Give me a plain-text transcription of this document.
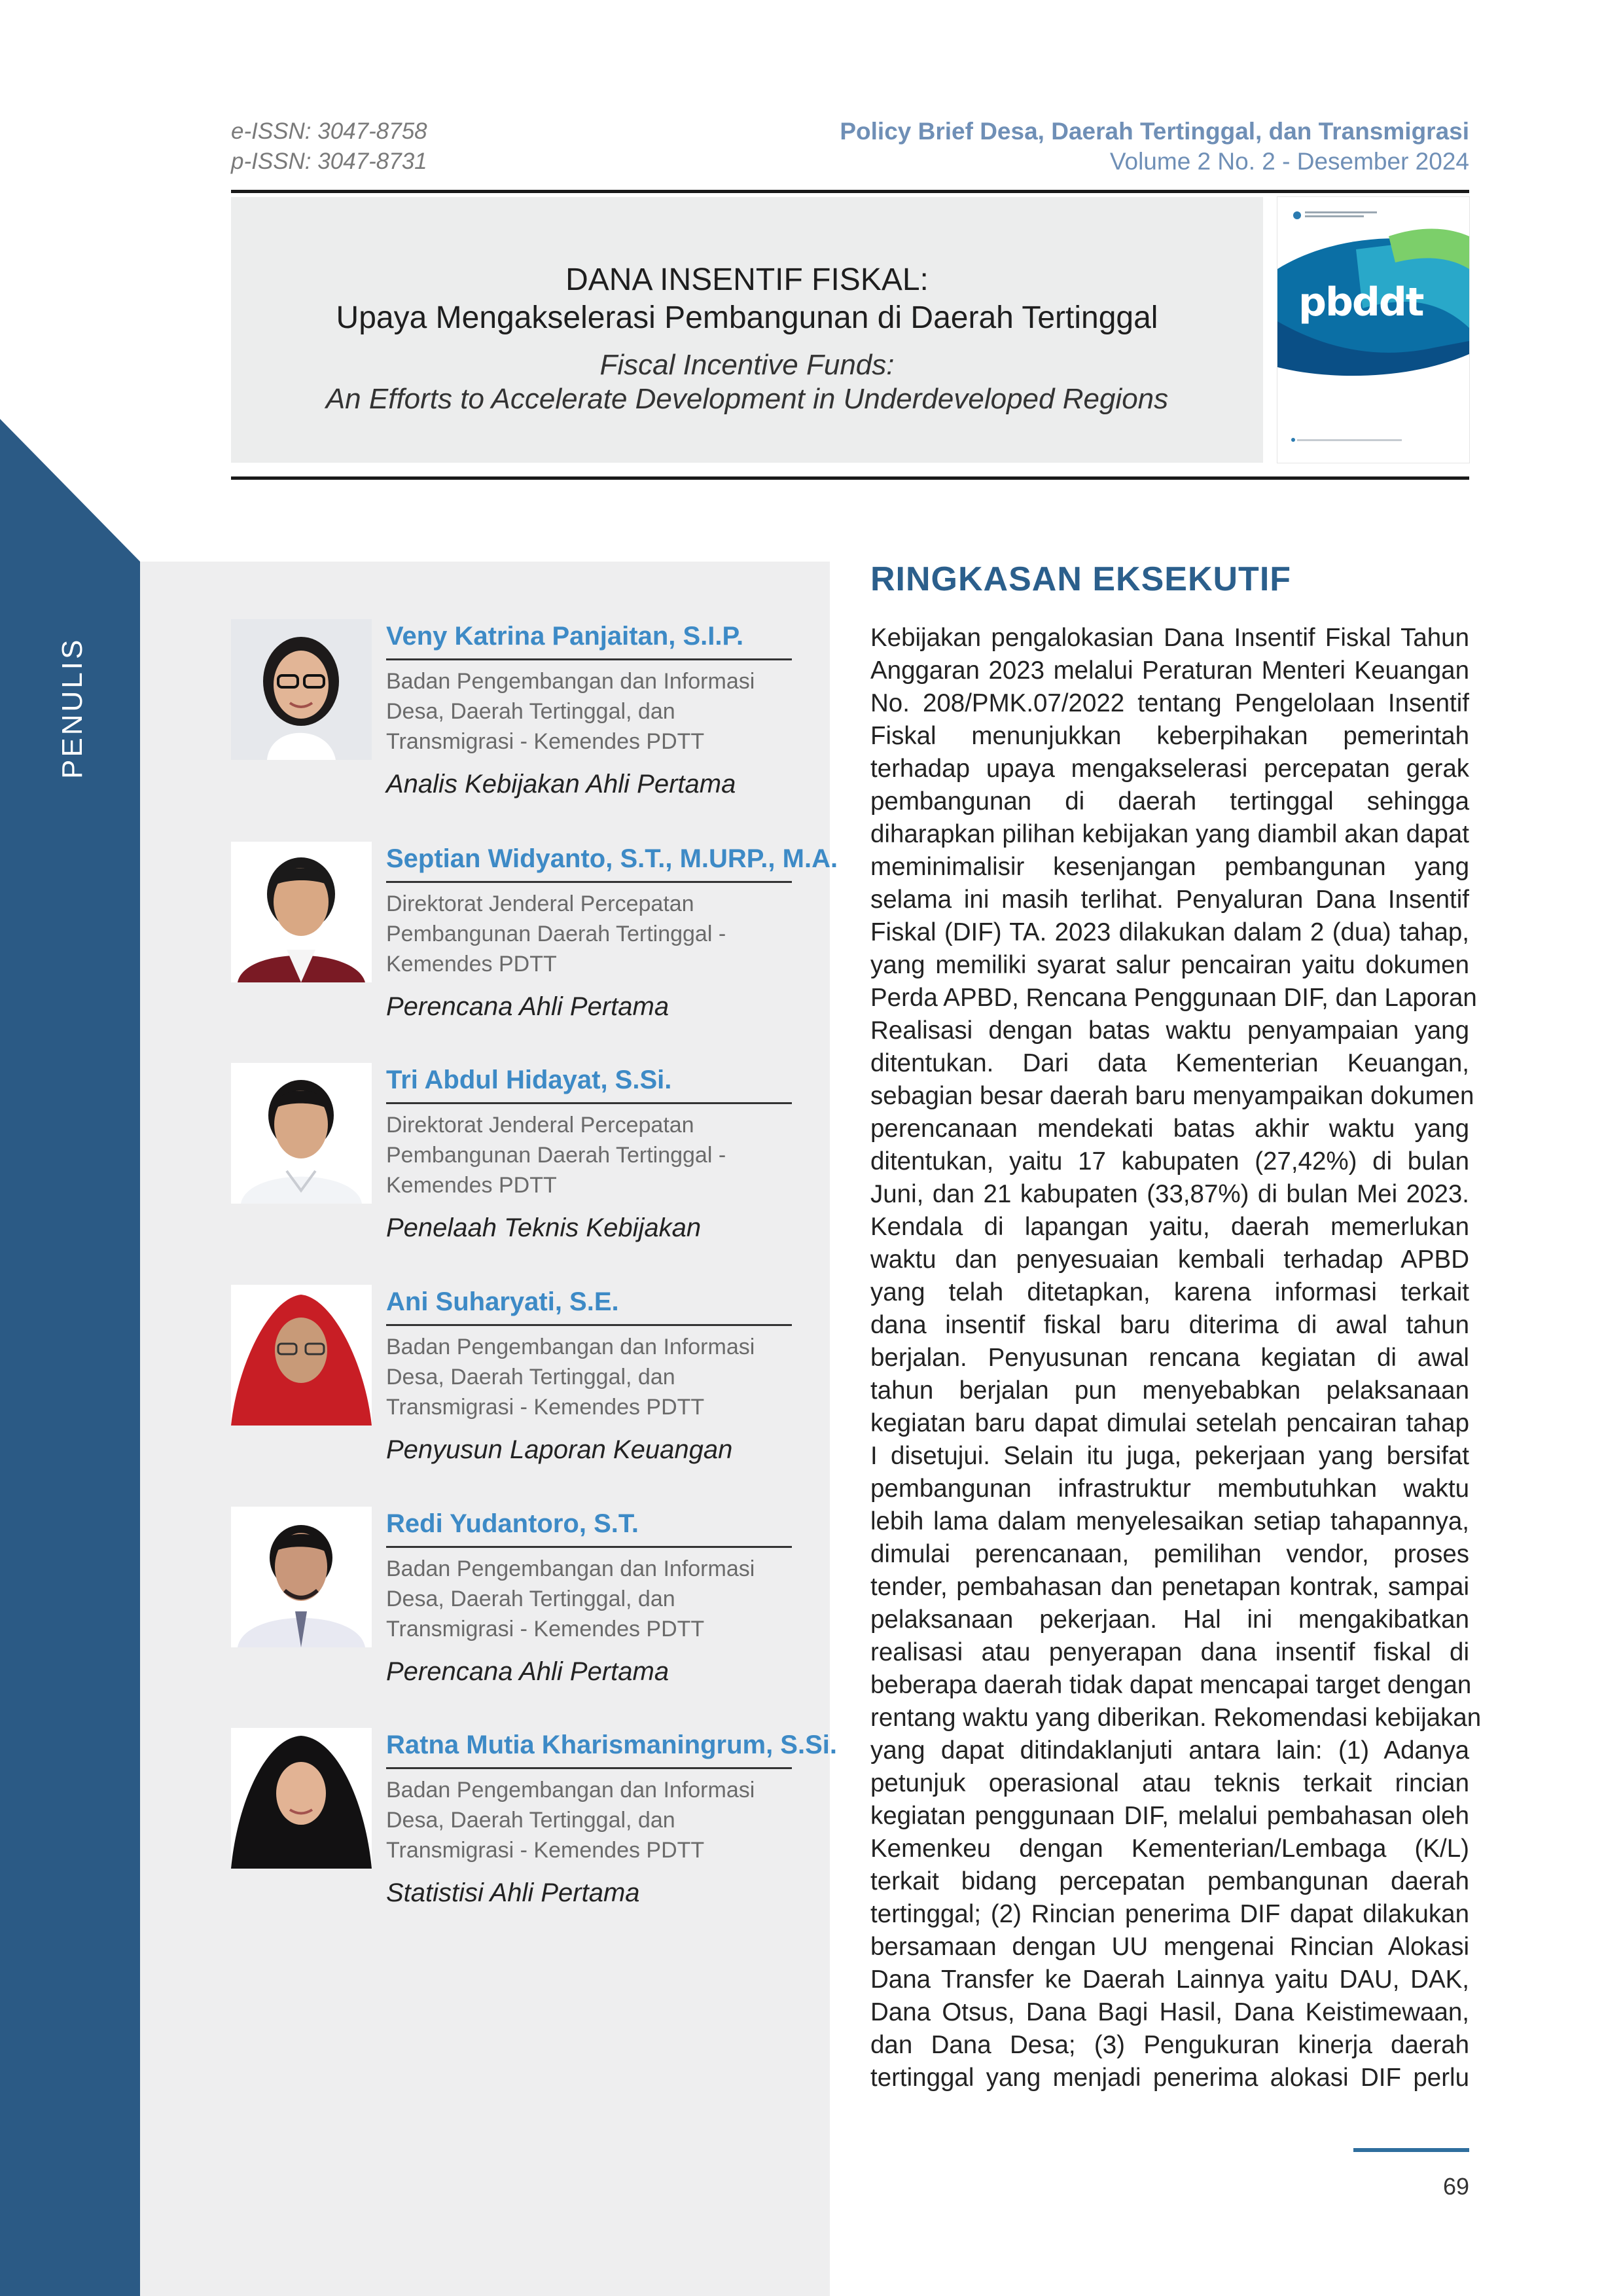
PENULIS
e-ISSN: 3047-8758
p-ISSN: 3047-8731
Policy Brief Desa, Daerah Tertinggal, dan Transmigrasi
Volume 2 No. 2 - Desember 2024
DANA INSENTIF FISKAL:
Upaya Mengakselerasi Pembangunan di Daerah Tertinggal
Fiscal Incentive Funds:
An Efforts to Accelerate Development in Underdeveloped Regions
pbddt
Veny Katrina Panjaitan, S.I.P.
Badan Pengembangan dan Informasi
Desa, Daerah Tertinggal, dan
Transmigrasi - Kemendes PDTT
Analis Kebijakan Ahli Pertama
Septian Widyanto, S.T., M.URP., M.A.
Direktorat Jenderal Percepatan
Pembangunan Daerah Tertinggal -
Kemendes PDTT
Perencana Ahli Pertama
Tri Abdul Hidayat, S.Si.
Direktorat Jenderal Percepatan
Pembangunan Daerah Tertinggal -
Kemendes PDTT
Penelaah Teknis Kebijakan
Ani Suharyati, S.E.
Badan Pengembangan dan Informasi
Desa, Daerah Tertinggal, dan
Transmigrasi - Kemendes PDTT
Penyusun Laporan Keuangan
Redi Yudantoro, S.T.
Badan Pengembangan dan Informasi
Desa, Daerah Tertinggal, dan
Transmigrasi - Kemendes PDTT
Perencana Ahli Pertama
Ratna Mutia Kharismaningrum, S.Si.
Badan Pengembangan dan Informasi
Desa, Daerah Tertinggal, dan
Transmigrasi - Kemendes PDTT
Statistisi Ahli Pertama
RINGKASAN EKSEKUTIF
Kebijakan pengalokasian Dana Insentif Fiskal Tahun
Anggaran 2023 melalui Peraturan Menteri Keuangan
No. 208/PMK.07/2022 tentang Pengelolaan Insentif
Fiskal menunjukkan keberpihakan pemerintah
terhadap upaya mengakselerasi percepatan gerak
pembangunan di daerah tertinggal sehingga
diharapkan pilihan kebijakan yang diambil akan dapat
meminimalisir kesenjangan pembangunan yang
selama ini masih terlihat. Penyaluran Dana Insentif
Fiskal (DIF) TA. 2023 dilakukan dalam 2 (dua) tahap,
yang memiliki syarat salur pencairan yaitu dokumen
Perda APBD, Rencana Penggunaan DIF, dan Laporan
Realisasi dengan batas waktu penyampaian yang
ditentukan. Dari data Kementerian Keuangan,
sebagian besar daerah baru menyampaikan dokumen
perencanaan mendekati batas akhir waktu yang
ditentukan, yaitu 17 kabupaten (27,42%) di bulan
Juni, dan 21 kabupaten (33,87%) di bulan Mei 2023.
Kendala di lapangan yaitu, daerah memerlukan
waktu dan penyesuaian kembali terhadap APBD
yang telah ditetapkan, karena informasi terkait
dana insentif fiskal baru diterima di awal tahun
berjalan. Penyusunan rencana kegiatan di awal
tahun berjalan pun menyebabkan pelaksanaan
kegiatan baru dapat dimulai setelah pencairan tahap
I disetujui. Selain itu juga, pekerjaan yang bersifat
pembangunan infrastruktur membutuhkan waktu
lebih lama dalam menyelesaikan setiap tahapannya,
dimulai perencanaan, pemilihan vendor, proses
tender, pembahasan dan penetapan kontrak, sampai
pelaksanaan pekerjaan. Hal ini mengakibatkan
realisasi atau penyerapan dana insentif fiskal di
beberapa daerah tidak dapat mencapai target dengan
rentang waktu yang diberikan. Rekomendasi kebijakan
yang dapat ditindaklanjuti antara lain: (1) Adanya
petunjuk operasional atau teknis terkait rincian
kegiatan penggunaan DIF, melalui pembahasan oleh
Kemenkeu dengan Kementerian/Lembaga (K/L)
terkait bidang percepatan pembangunan daerah
tertinggal; (2) Rincian penerima DIF dapat dilakukan
bersamaan dengan UU mengenai Rincian Alokasi
Dana Transfer ke Daerah Lainnya yaitu DAU, DAK,
Dana Otsus, Dana Bagi Hasil, Dana Keistimewaan,
dan Dana Desa; (3) Pengukuran kinerja daerah
tertinggal yang menjadi penerima alokasi DIF perlu
69
